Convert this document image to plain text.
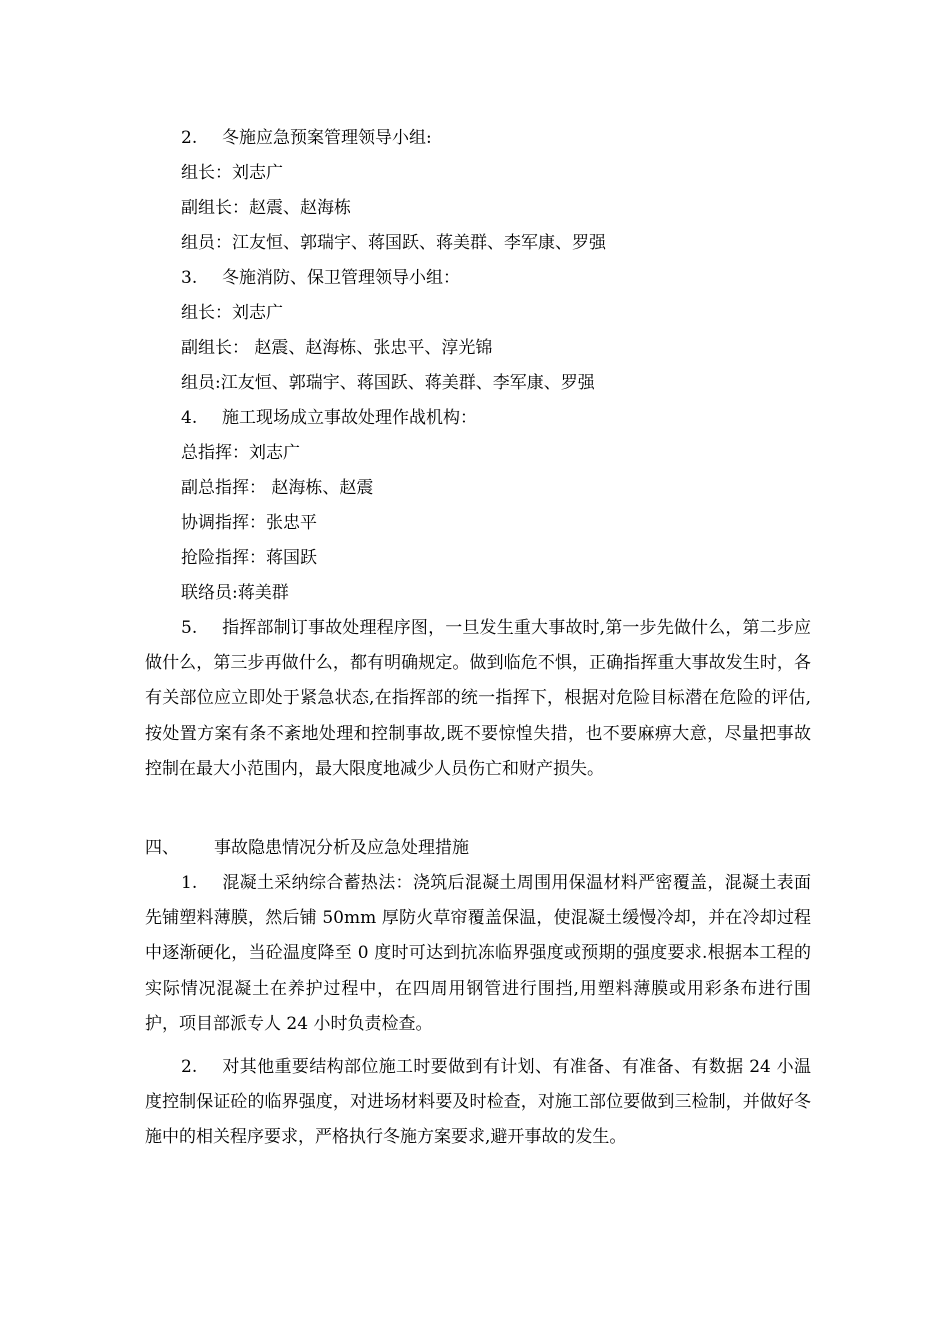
2. 冬施应急预案管理领导小组:
组长：刘志广
副组长：赵震、赵海栋
组员：江友恒、郭瑞宇、蒋国跃、蒋美群、李军康、罗强
3. 冬施消防、保卫管理领导小组：
组长：刘志广
副组长： 赵震、赵海栋、张忠平、淳光锦
组员:江友恒、郭瑞宇、蒋国跃、蒋美群、李军康、罗强
4. 施工现场成立事故处理作战机构：
总指挥：刘志广
副总指挥： 赵海栋、赵震
协调指挥：张忠平
抢险指挥：蒋国跃
联络员:蒋美群

5. 指挥部制订事故处理程序图，一旦发生重大事故时,第一步先做什么，第二步应做什么，第三步再做什么，都有明确规定。做到临危不惧，正确指挥重大事故发生时，各有关部位应立即处于紧急状态,在指挥部的统一指挥下，根据对危险目标潜在危险的评估,按处置方案有条不紊地处理和控制事故,既不要惊惶失措，也不要麻痹大意，尽量把事故控制在最大小范围内，最大限度地减少人员伤亡和财产损失。

四、 事故隐患情况分析及应急处理措施

1. 混凝土采纳综合蓄热法：浇筑后混凝土周围用保温材料严密覆盖，混凝土表面先铺塑料薄膜，然后铺 50mm 厚防火草帘覆盖保温，使混凝土缓慢冷却，并在冷却过程中逐渐硬化，当砼温度降至 0 度时可达到抗冻临界强度或预期的强度要求.根据本工程的实际情况混凝土在养护过程中，在四周用钢管进行围挡,用塑料薄膜或用彩条布进行围护，项目部派专人 24 小时负责检查。

2. 对其他重要结构部位施工时要做到有计划、有准备、有准备、有数据 24 小温度控制保证砼的临界强度，对进场材料要及时检查，对施工部位要做到三检制，并做好冬施中的相关程序要求，严格执行冬施方案要求,避开事故的发生。
